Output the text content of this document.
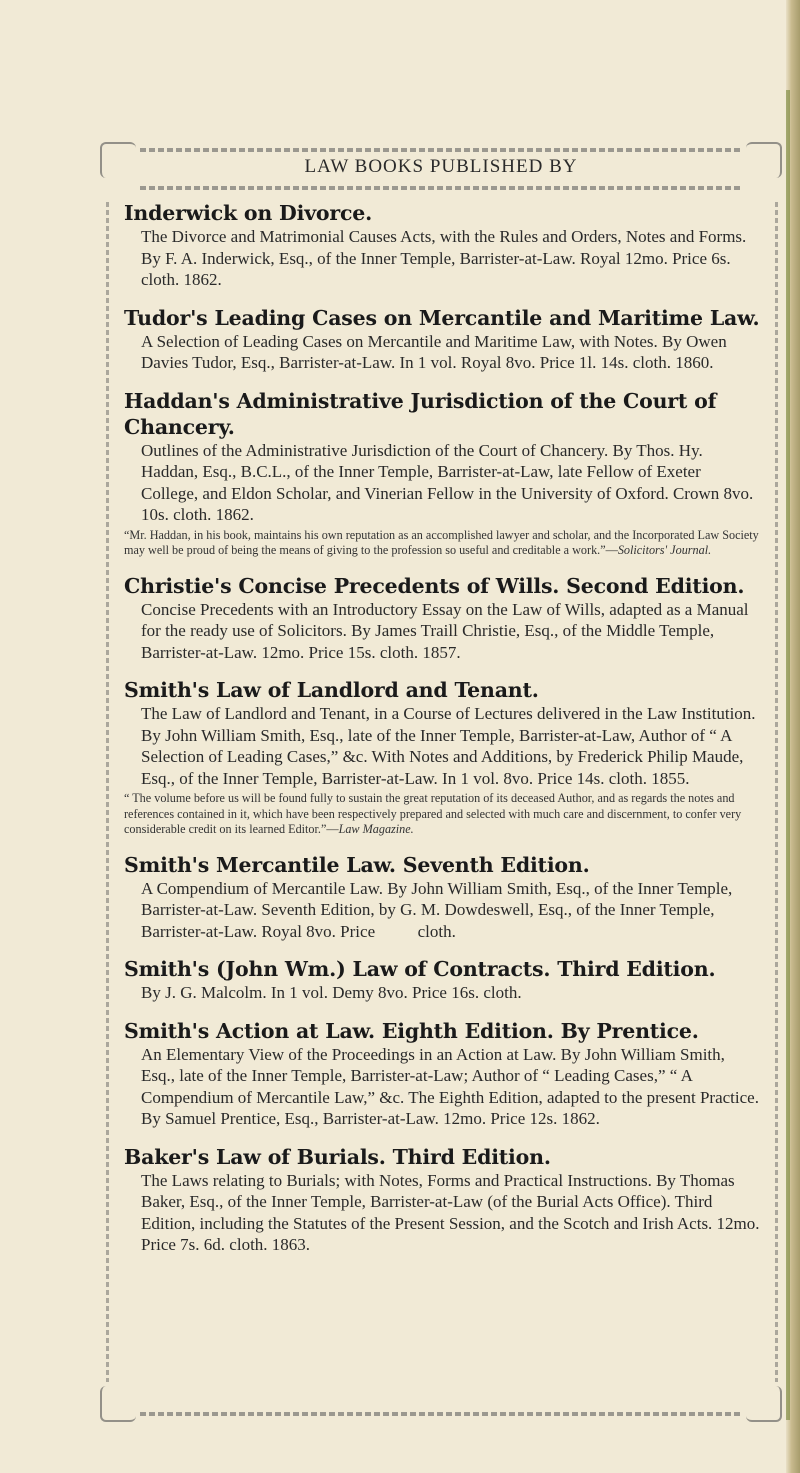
LAW BOOKS PUBLISHED BY
Inderwick on Divorce.
The Divorce and Matrimonial Causes Acts, with the Rules and Orders, Notes and Forms. By F. A. Inderwick, Esq., of the Inner Temple, Barrister-at-Law. Royal 12mo. Price 6s. cloth. 1862.
Tudor's Leading Cases on Mercantile and Maritime Law.
A Selection of Leading Cases on Mercantile and Maritime Law, with Notes. By Owen Davies Tudor, Esq., Barrister-at-Law. In 1 vol. Royal 8vo. Price 1l. 14s. cloth. 1860.
Haddan's Administrative Jurisdiction of the Court of Chancery.
Outlines of the Administrative Jurisdiction of the Court of Chancery. By Thos. Hy. Haddan, Esq., B.C.L., of the Inner Temple, Barrister-at-Law, late Fellow of Exeter College, and Eldon Scholar, and Vinerian Fellow in the University of Oxford. Crown 8vo. 10s. cloth. 1862.
“Mr. Haddan, in his book, maintains his own reputation as an accomplished lawyer and scholar, and the Incorporated Law Society may well be proud of being the means of giving to the profession so useful and creditable a work.”—Solicitors' Journal.
Christie's Concise Precedents of Wills. Second Edition.
Concise Precedents with an Introductory Essay on the Law of Wills, adapted as a Manual for the ready use of Solicitors. By James Traill Christie, Esq., of the Middle Temple, Barrister-at-Law. 12mo. Price 15s. cloth. 1857.
Smith's Law of Landlord and Tenant.
The Law of Landlord and Tenant, in a Course of Lectures delivered in the Law Institution. By John William Smith, Esq., late of the Inner Temple, Barrister-at-Law, Author of “ A Selection of Leading Cases,” &c. With Notes and Additions, by Frederick Philip Maude, Esq., of the Inner Temple, Barrister-at-Law. In 1 vol. 8vo. Price 14s. cloth. 1855.
“ The volume before us will be found fully to sustain the great reputation of its deceased Author, and as regards the notes and references contained in it, which have been respectively prepared and selected with much care and discernment, to confer very considerable credit on its learned Editor.”—Law Magazine.
Smith's Mercantile Law. Seventh Edition.
A Compendium of Mercantile Law. By John William Smith, Esq., of the Inner Temple, Barrister-at-Law. Seventh Edition, by G. M. Dowdeswell, Esq., of the Inner Temple, Barrister-at-Law. Royal 8vo. Price          cloth.
Smith's (John Wm.) Law of Contracts. Third Edition.
By J. G. Malcolm. In 1 vol. Demy 8vo. Price 16s. cloth.
Smith's Action at Law. Eighth Edition. By Prentice.
An Elementary View of the Proceedings in an Action at Law. By John William Smith, Esq., late of the Inner Temple, Barrister-at-Law; Author of “ Leading Cases,” “ A Compendium of Mercantile Law,” &c. The Eighth Edition, adapted to the present Practice. By Samuel Prentice, Esq., Barrister-at-Law. 12mo. Price 12s. 1862.
Baker's Law of Burials. Third Edition.
The Laws relating to Burials; with Notes, Forms and Practical Instructions. By Thomas Baker, Esq., of the Inner Temple, Barrister-at-Law (of the Burial Acts Office). Third Edition, including the Statutes of the Present Session, and the Scotch and Irish Acts. 12mo. Price 7s. 6d. cloth. 1863.
